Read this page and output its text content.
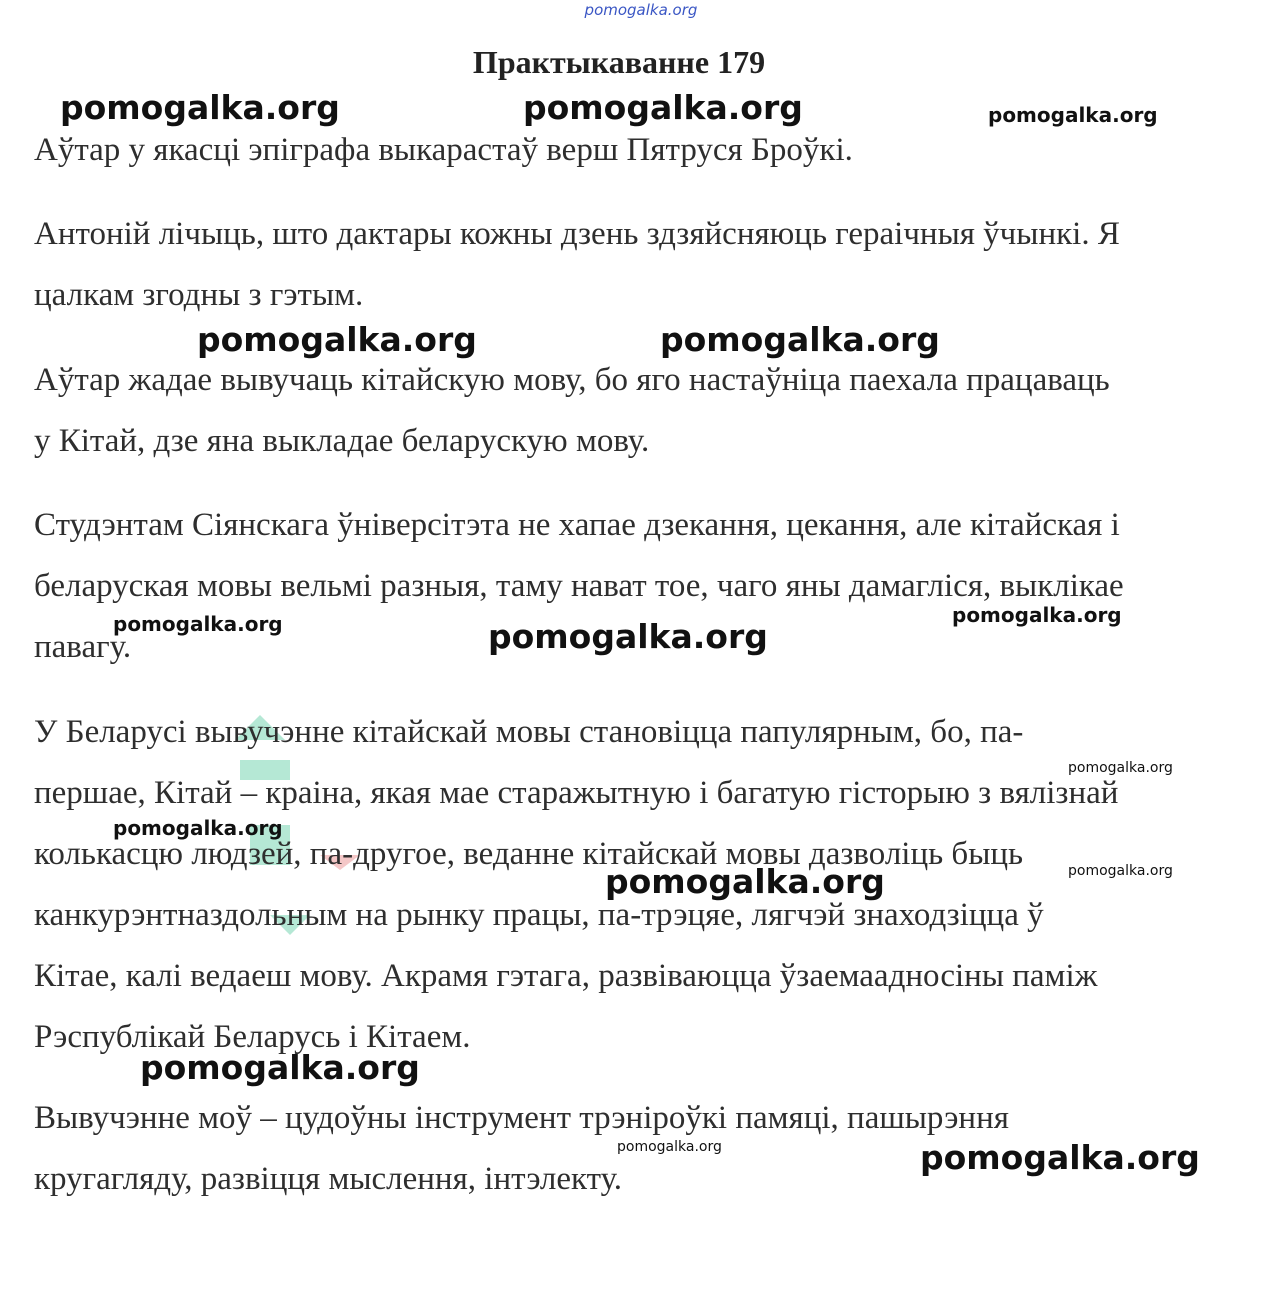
pomogalka.org
Практыкаванне 179
Аўтар у якасці эпіграфа выкарастаў верш Пятруся Броўкі.
Антоній лічыць, што дактары кожны дзень здзяйсняюць гераічныя ўчынкі. Я
цалкам згодны з гэтым.
Аўтар жадае вывучаць кітайскую мову, бо яго настаўніца паехала працаваць
у Кітай, дзе яна выкладае беларускую мову.
Студэнтам Сіянскага ўніверсітэта не хапае дзекання, цекання, але кітайская і
беларуская мовы вельмі разныя, таму нават тое, чаго яны дамагліся, выклікае
павагу.
У Беларусі вывучэнне кітайскай мовы становіцца папулярным, бо, па-
першае, Кітай – краіна, якая мае старажытную і багатую гісторыю з вялізнай
колькасцю людзей, па-другое, веданне кітайскай мовы дазволіць быць
канкурэнтназдольным на рынку працы, па-трэцяе, лягчэй знаходзіцца ў
Кітае, калі ведаеш мову. Акрамя гэтага, развіваюцца ўзаемаадносіны паміж
Рэспублікай Беларусь і Кітаем.
Вывучэнне моў – цудоўны інструмент трэніроўкі памяці, пашырэння
кругагляду, развіцця мыслення, інтэлекту.
pomogalka.org	pomogalka.org	pomogalka.org
pomogalka.org	pomogalka.org
pomogalka.org
pomogalka.org	pomogalka.org
pomogalka.org
pomogalka.org
pomogalka.org	pomogalka.org
pomogalka.org
pomogalka.org	pomogalka.org
